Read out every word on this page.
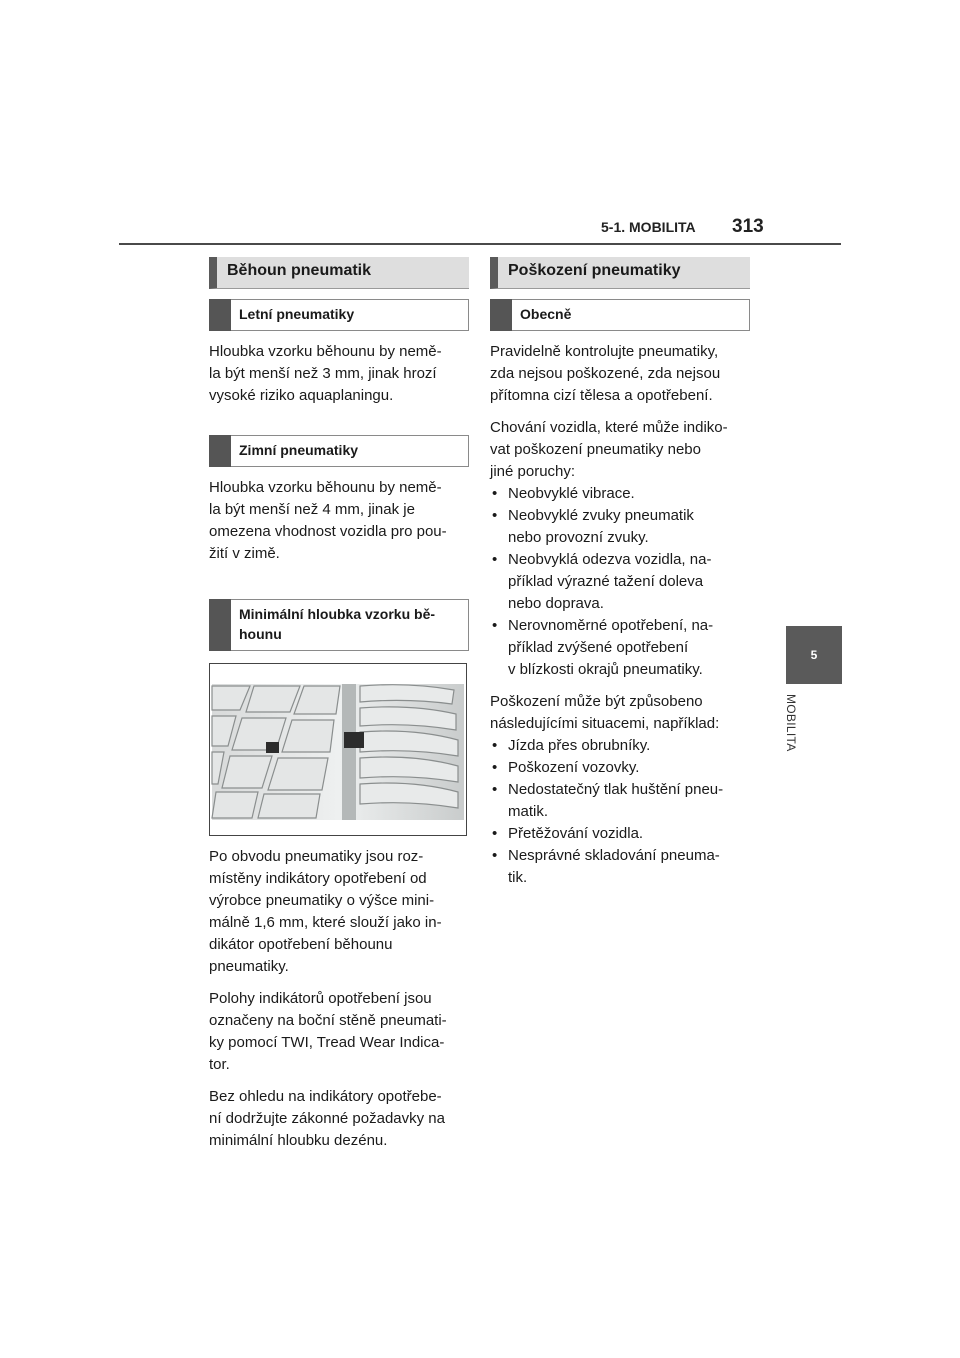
5-1. MOBILITA 313
5
MOBILITA
Běhoun pneumatik
Letní pneumatiky
Hloubka vzorku běhounu by nemě-
la být menší než 3 mm, jinak hrozí
vysoké riziko aquaplaningu.
Zimní pneumatiky
Hloubka vzorku běhounu by nemě-
la být menší než 4 mm, jinak je
omezena vhodnost vozidla pro pou-
žití v zimě.
Minimální hloubka vzorku bě-
hounu
Po obvodu pneumatiky jsou roz-
místěny indikátory opotřebení od
výrobce pneumatiky o výšce mini-
málně 1,6 mm, které slouží jako in-
dikátor opotřebení běhounu
pneumatiky.
Polohy indikátorů opotřebení jsou
označeny na boční stěně pneumati-
ky pomocí TWI, Tread Wear Indica-
tor.
Bez ohledu na indikátory opotřebe-
ní dodržujte zákonné požadavky na
minimální hloubku dezénu.
Poškození pneumatiky
Obecně
Pravidelně kontrolujte pneumatiky,
zda nejsou poškozené, zda nejsou
přítomna cizí tělesa a opotřebení.
Chování vozidla, které může indiko-
vat poškození pneumatiky nebo
jiné poruchy:
• Neobvyklé vibrace.
• Neobvyklé zvuky pneumatik
nebo provozní zvuky.
• Neobvyklá odezva vozidla, na-
příklad výrazné tažení doleva
nebo doprava.
• Nerovnoměrné opotřebení, na-
příklad zvýšené opotřebení
v blízkosti okrajů pneumatiky.
Poškození může být způsobeno
následujícími situacemi, například:
• Jízda přes obrubníky.
• Poškození vozovky.
• Nedostatečný tlak huštění pneu-
matik.
• Přetěžování vozidla.
• Nesprávné skladování pneuma-
tik.
